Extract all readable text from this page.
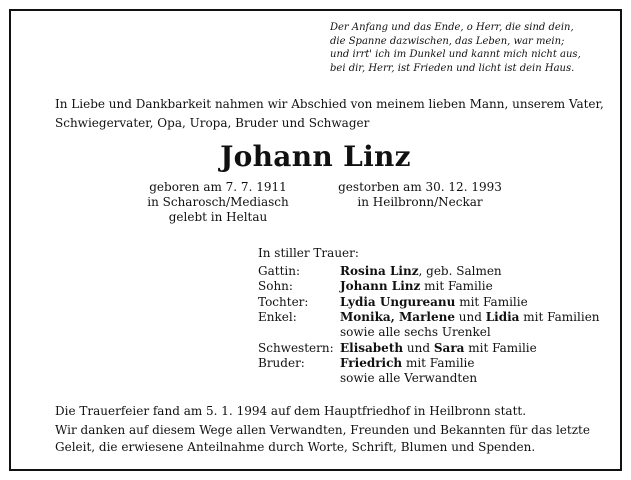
Der Anfang und das Ende, o Herr, die sind dein,
die Spanne dazwischen, das Leben, war mein;
und irrt' ich im Dunkel und kannt mich nicht aus,
bei dir, Herr, ist Frieden und licht ist dein Haus.
In Liebe und Dankbarkeit nahmen wir Abschied von meinem lieben Mann, unserem Vater,
Schwiegervater, Opa, Uropa, Bruder und Schwager
Johann Linz
geboren am 7. 7. 1911
in Scharosch/Mediasch
gelebt in Heltau
gestorben am 30. 12. 1993
in Heilbronn/Neckar
In stiller Trauer:
Gattin:	Rosina Linz, geb. Salmen
Sohn:	Johann Linz mit Familie
Tochter:	Lydia Ungureanu mit Familie
Enkel:	Monika, Marlene und Lidia mit Familien
sowie alle sechs Urenkel
Schwestern: Elisabeth und Sara mit Familie
Bruder:	Friedrich mit Familie
sowie alle Verwandten
Die Trauerfeier fand am 5. 1. 1994 auf dem Hauptfriedhof in Heilbronn statt.
Wir danken auf diesem Wege allen Verwandten, Freunden und Bekannten für das letzte
Geleit, die erwiesene Anteilnahme durch Worte, Schrift, Blumen und Spenden.
